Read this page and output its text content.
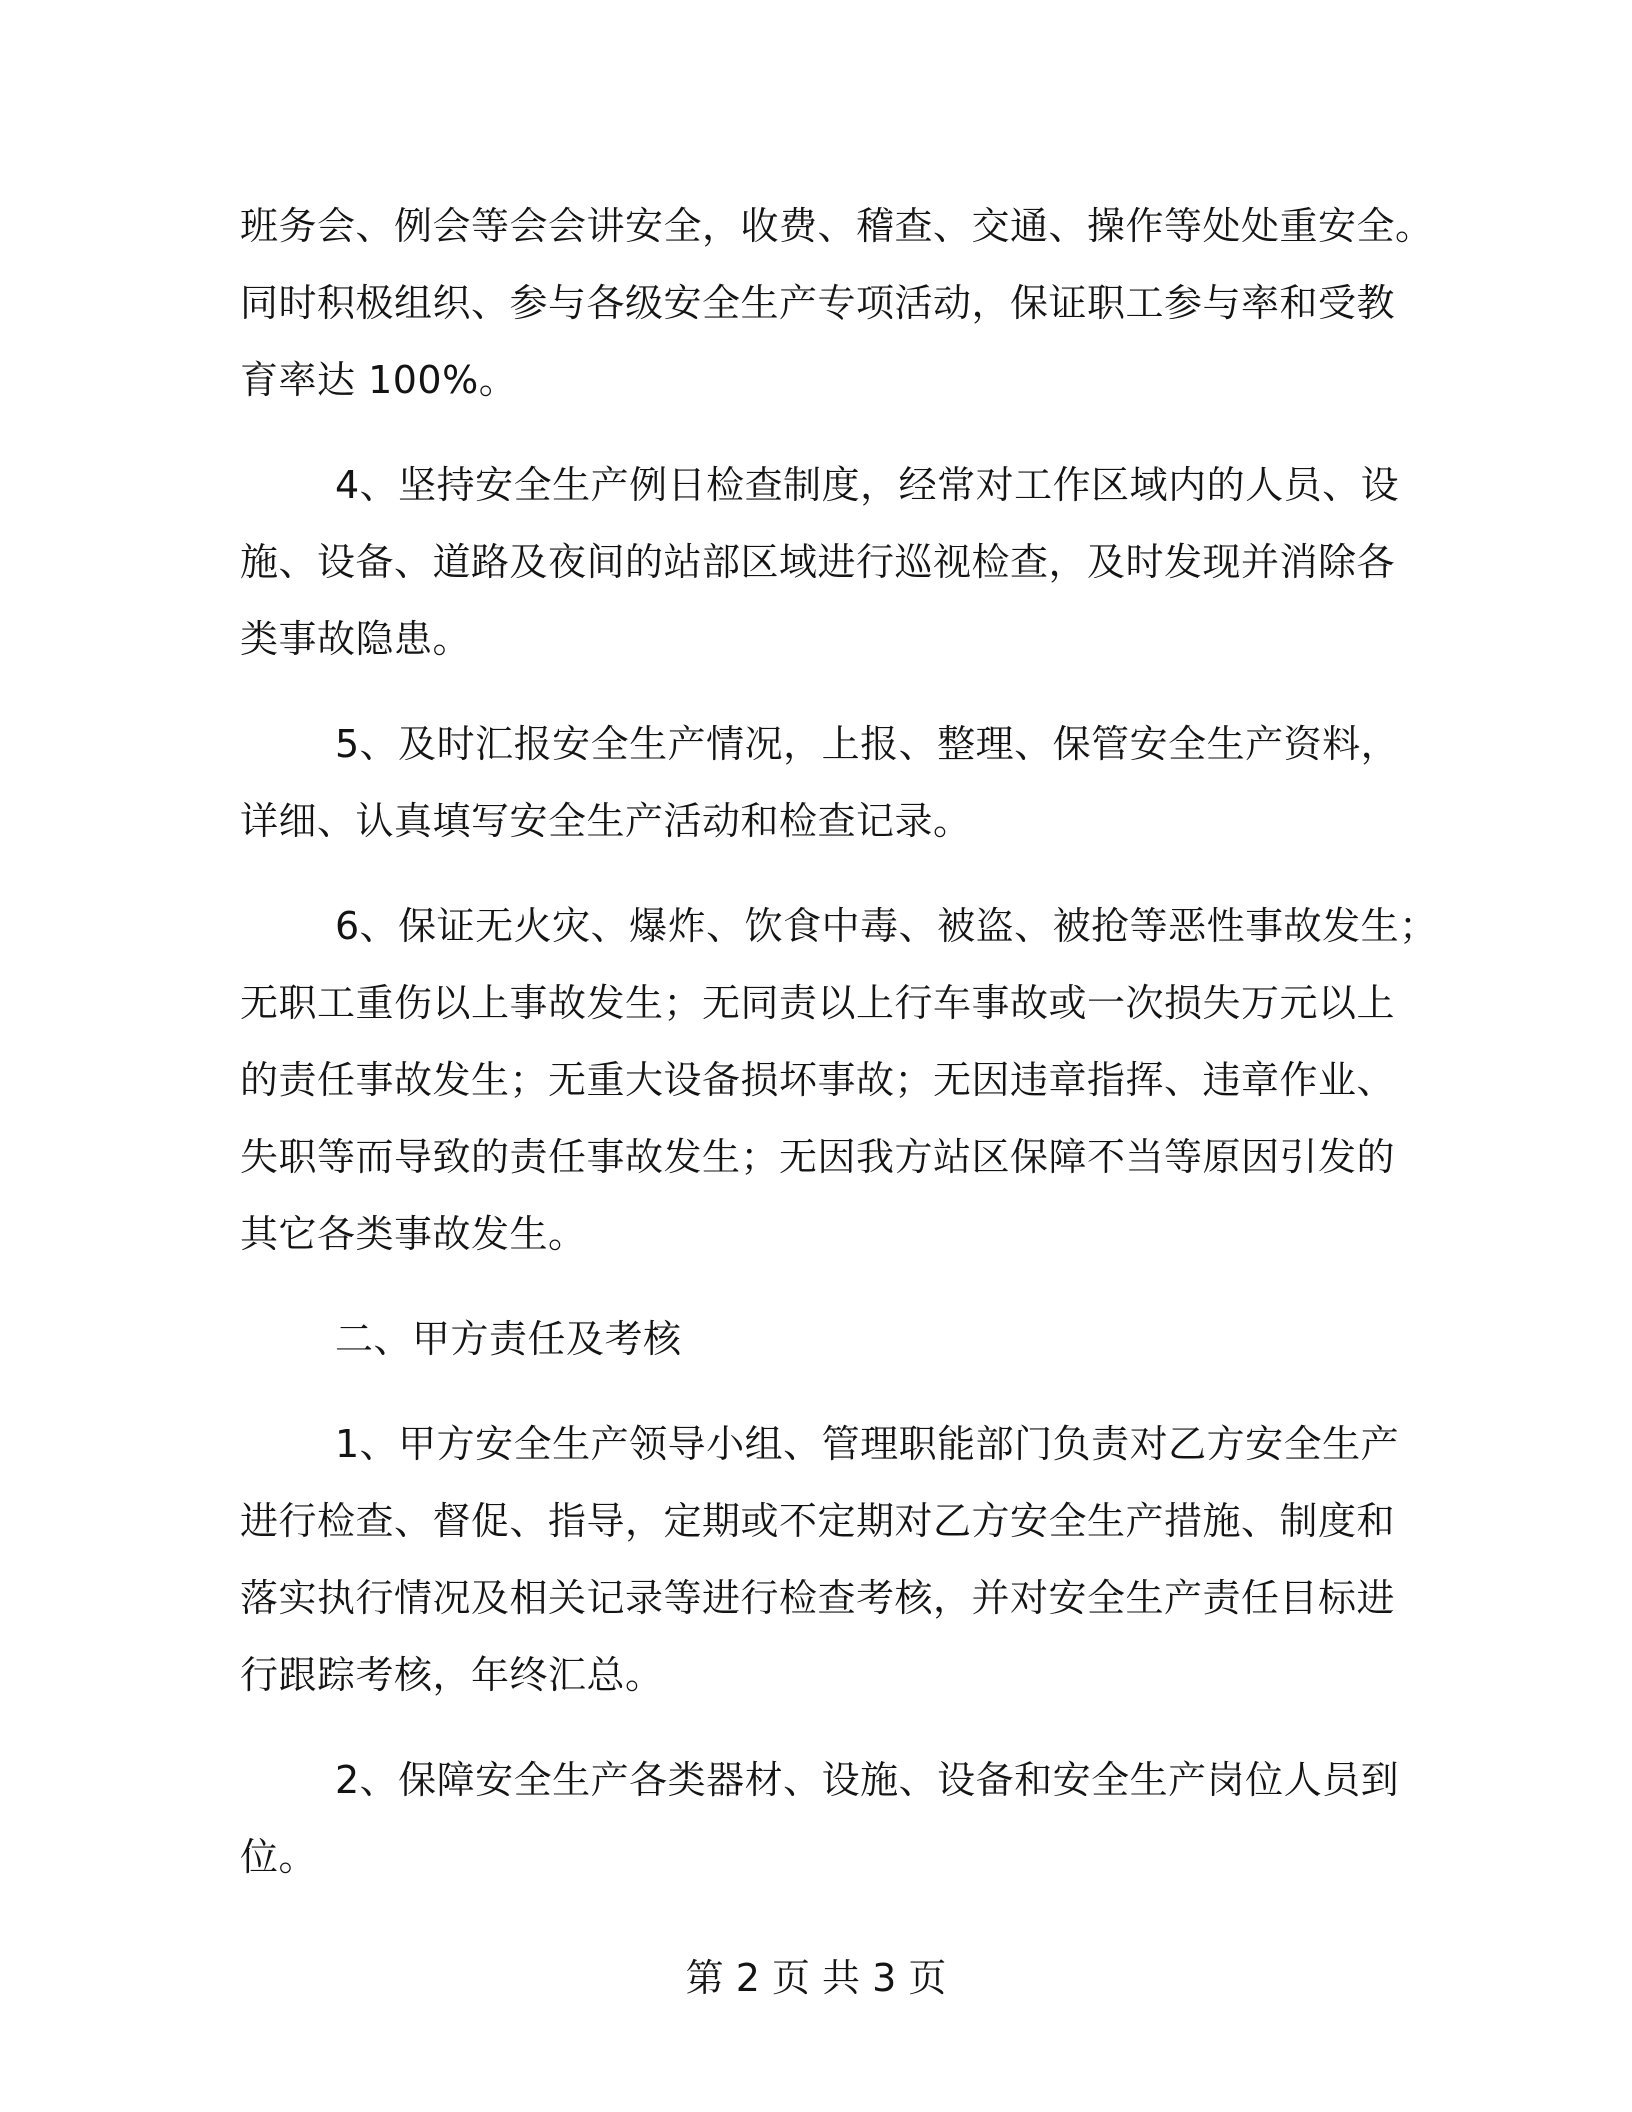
班务会、例会等会会讲安全，收费、稽查、交通、操作等处处重安全。
同时积极组织、参与各级安全生产专项活动，保证职工参与率和受教
育率达 100%。
4、坚持安全生产例日检查制度，经常对工作区域内的人员、设
施、设备、道路及夜间的站部区域进行巡视检查，及时发现并消除各
类事故隐患。
5、及时汇报安全生产情况，上报、整理、保管安全生产资料，
详细、认真填写安全生产活动和检查记录。
6、保证无火灾、爆炸、饮食中毒、被盗、被抢等恶性事故发生；
无职工重伤以上事故发生；无同责以上行车事故或一次损失万元以上
的责任事故发生；无重大设备损坏事故；无因违章指挥、违章作业、
失职等而导致的责任事故发生；无因我方站区保障不当等原因引发的
其它各类事故发生。
二、甲方责任及考核
1、甲方安全生产领导小组、管理职能部门负责对乙方安全生产
进行检查、督促、指导，定期或不定期对乙方安全生产措施、制度和
落实执行情况及相关记录等进行检查考核，并对安全生产责任目标进
行跟踪考核，年终汇总。
2、保障安全生产各类器材、设施、设备和安全生产岗位人员到
位。
第 2 页 共 3 页
